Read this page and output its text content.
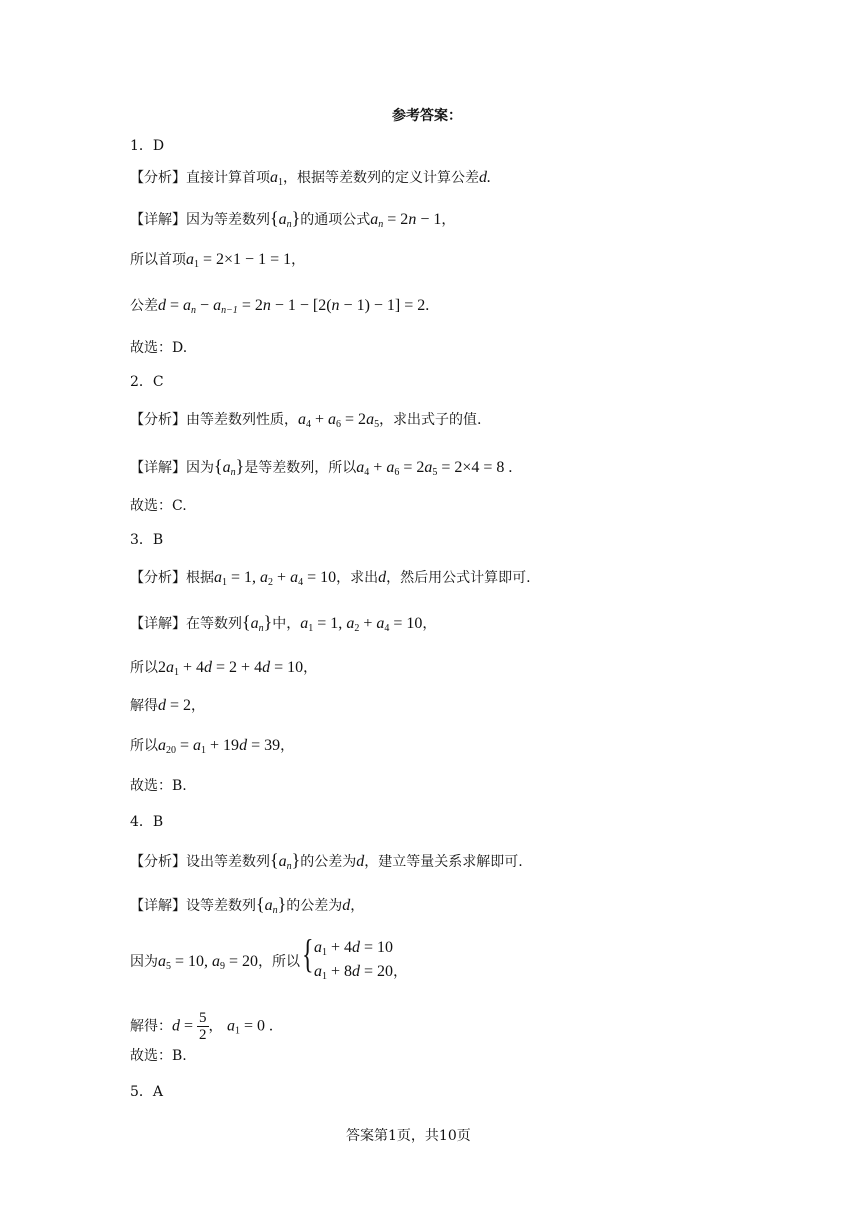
参考答案：
1．D
【分析】直接计算首项$a_1$，根据等差数列的定义计算公差d.
【详解】因为等差数列$\{a_n\}$的通项公式$a_n = 2n - 1$，
所以首项$a_1 = 2\times 1 - 1 = 1$，
公差$d = a_n - a_{n-1} = 2n - 1 - [2(n - 1) - 1] = 2$.
故选：D.
2．C
【分析】由等差数列性质，$a_4 + a_6 = 2a_5$，求出式子的值.
【详解】因为$\{a_n\}$是等差数列，所以$a_4 + a_6 = 2a_5 = 2\times 4 = 8$ .
故选：C.
3．B
【分析】根据$a_1 = 1$, $a_2 + a_4 = 10$，求出d，然后用公式计算即可.
【详解】在等数列$\{a_n\}$中，$a_1 = 1$, $a_2 + a_4 = 10$，
所以$2a_1 + 4d = 2 + 4d = 10$，
解得d = 2，
所以$a_{20} = a_1 + 19d = 39$，
故选：B.
4．B
【分析】设出等差数列$\{a_n\}$的公差为d，建立等量关系求解即可.
【详解】设等差数列$\{a_n\}$的公差为d，
因为$a_5 = 10$, $a_9 = 20$，所以 { $a_1 + 4d = 10$
$a_1 + 8d = 20$，
解得：$d = \frac{5}{2}$ ， $a_1 = 0$ .
故选：B.
5．A
答案第1页，共10页
